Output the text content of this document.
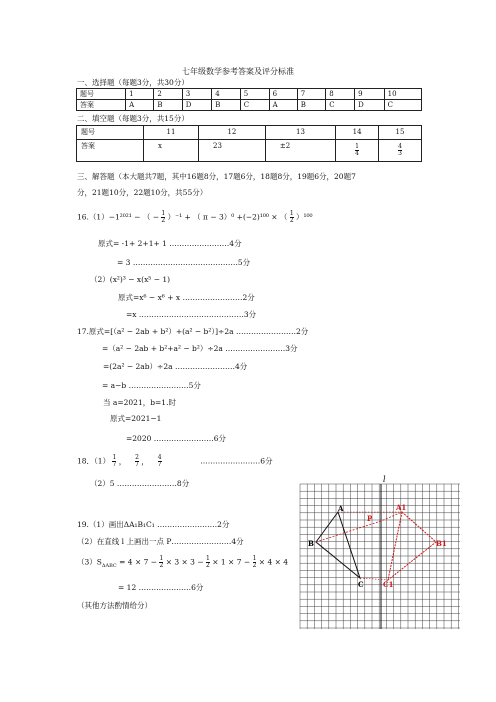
七年级数学参考答案及评分标准
一、选择题（每题3分，共30分）
题号	1	2	3	4	5	6	7	8	9	10
答案	A	B	D	B	C	A	B	C	D	C
二、填空题（每题3分，共15分）
题号	11	12	13	14	15
答案	x	23	±2	$\frac{1}{4}$	$\frac{4}{3}$
三、解答题（本大题共7题，其中16题8分，17题6分，18题8分，19题6分，20题7
分，21题10分，22题10分，共55分）
16.（1）−1²⁰²¹ − （ − $\frac{1}{2} )^{-1}$ + （ π − 3）⁰ +(−2)¹⁰⁰ × （ $\frac{1}{2} )^{100}$
原式= -1+ 2+1+ 1 ……………………4分
= 3 ……………………………………5分
（2）(x²)³ − x(x⁵ − 1)
原式=x⁶ − x⁶ + x ……………………2分
=x ……………………………………3分
17.原式=[（a² − 2ab + b²）+(a² − b²）]÷2a ……………………2分
=（a² − 2ab + b²+a² − b²）÷2a ……………………3分
=(2a² − 2ab）÷2a ……………………4分
= a−b ……………………5分
当 a=2021，b=1.时
原式=2021−1
=2020 ……………………6分
18．$(1) \frac{1}{7}$ ， $\frac{2}{7}$ ， $\frac{4}{7}$	……………………6分
（2）5 ……………………8分
19.（1）画出ΔA₁B₁C₁ ……………………2分
（2）在直线 l 上画出一点 P……………………4分
$(3)S_{\Delta ABC} = 4 \times 7 - \frac{1}{2} \times 3 \times 3 - \frac{1}{2} \times 1 \times 7 - \frac{1}{2} \times 4 \times 4$
= 12 …………………6分
（其他方法酌情给分）
l
A
B
C
P
A1
B1
C1
